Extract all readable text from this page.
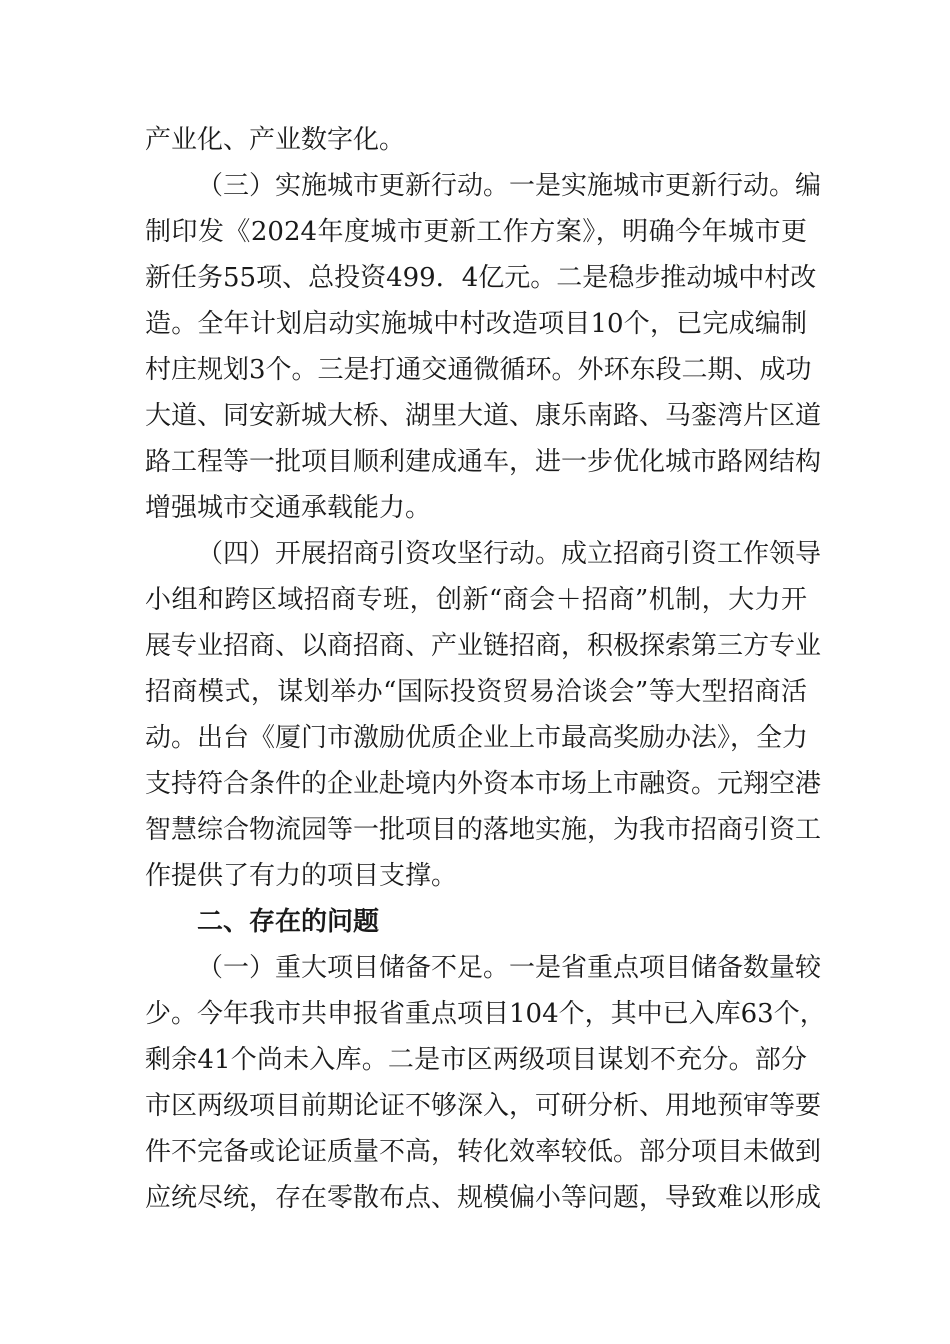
产业化、产业数字化。
（三）实施城市更新行动。一是实施城市更新行动。编
制印发《2024年度城市更新工作方案》，明确今年城市更
新任务55项、总投资499．4亿元。二是稳步推动城中村改
造。全年计划启动实施城中村改造项目10个，已完成编制
村庄规划3个。三是打通交通微循环。外环东段二期、成功
大道、同安新城大桥、湖里大道、康乐南路、马銮湾片区道
路工程等一批项目顺利建成通车，进一步优化城市路网结构
增强城市交通承载能力。
（四）开展招商引资攻坚行动。成立招商引资工作领导
小组和跨区域招商专班，创新“商会＋招商”机制，大力开
展专业招商、以商招商、产业链招商，积极探索第三方专业
招商模式，谋划举办“国际投资贸易洽谈会”等大型招商活
动。出台《厦门市激励优质企业上市最高奖励办法》，全力
支持符合条件的企业赴境内外资本市场上市融资。元翔空港
智慧综合物流园等一批项目的落地实施，为我市招商引资工
作提供了有力的项目支撑。
二、存在的问题
（一）重大项目储备不足。一是省重点项目储备数量较
少。今年我市共申报省重点项目104个，其中已入库63个，
剩余41个尚未入库。二是市区两级项目谋划不充分。部分
市区两级项目前期论证不够深入，可研分析、用地预审等要
件不完备或论证质量不高，转化效率较低。部分项目未做到
应统尽统，存在零散布点、规模偏小等问题，导致难以形成
